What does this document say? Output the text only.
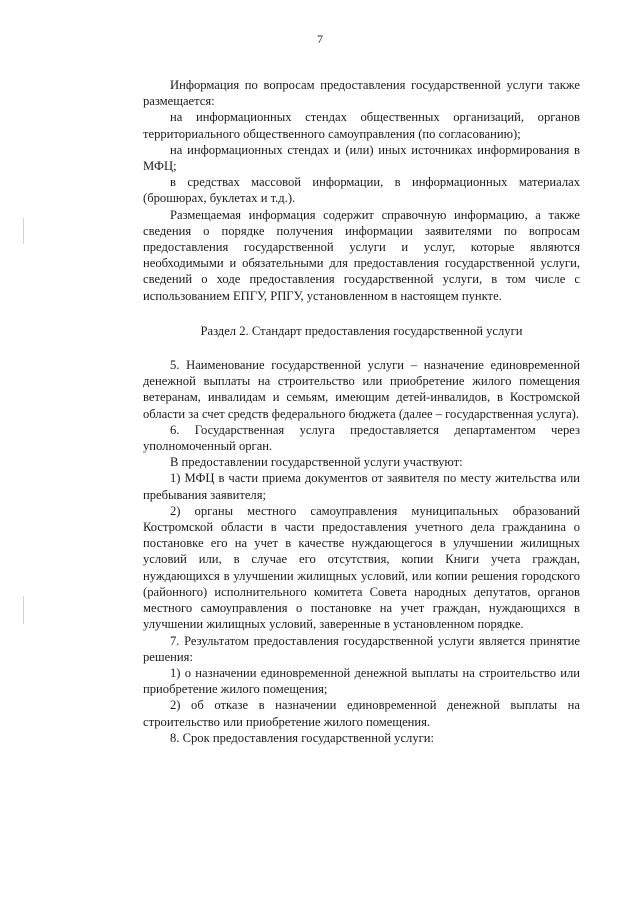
7

Информация по вопросам предоставления государственной услуги также размещается:

на информационных стендах общественных организаций, органов территориального общественного самоуправления (по согласованию);

на информационных стендах и (или) иных источниках информирования в МФЦ;

в средствах массовой информации, в информационных материалах (брошюрах, буклетах и т.д.).

Размещаемая информация содержит справочную информацию, а также сведения о порядке получения информации заявителями по вопросам предоставления государственной услуги и услуг, которые являются необходимыми и обязательными для предоставления государственной услуги, сведений о ходе предоставления государственной услуги, в том числе с использованием ЕПГУ, РПГУ, установленном в настоящем пункте.

Раздел 2. Стандарт предоставления государственной услуги

5. Наименование государственной услуги – назначение единовременной денежной выплаты на строительство или приобретение жилого помещения ветеранам, инвалидам и семьям, имеющим детей-инвалидов, в Костромской области за счет средств федерального бюджета (далее – государственная услуга).

6. Государственная услуга предоставляется департаментом через уполномоченный орган.

В предоставлении государственной услуги участвуют:

1) МФЦ в части приема документов от заявителя по месту жительства или пребывания заявителя;

2) органы местного самоуправления муниципальных образований Костромской области в части предоставления учетного дела гражданина о постановке его на учет в качестве нуждающегося в улучшении жилищных условий или, в случае его отсутствия, копии Книги учета граждан, нуждающихся в улучшении жилищных условий, или копии решения городского (районного) исполнительного комитета Совета народных депутатов, органов местного самоуправления о постановке на учет граждан, нуждающихся в улучшении жилищных условий, заверенные в установленном порядке.

7. Результатом предоставления государственной услуги является принятие решения:

1) о назначении единовременной денежной выплаты на строительство или приобретение жилого помещения;

2) об отказе в назначении единовременной денежной выплаты на строительство или приобретение жилого помещения.

8. Срок предоставления государственной услуги:
